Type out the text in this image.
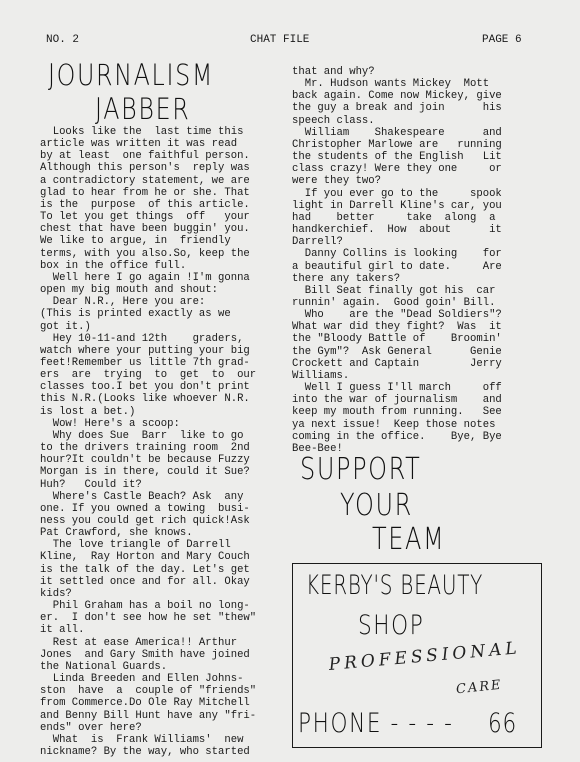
NO. 2	CHAT FILE	PAGE 6
JOURNALISM
JABBER
Looks like the  last time this
article was written it was read
by at least  one faithful person.
Although this person's  reply was
a contradictory statement, we are
glad to hear from he or she. That
is the  purpose  of this article.
To let you get things  off   your
chest that have been buggin' you.
We like to argue, in  friendly
terms, with you also.So, keep the
box in the office full.
Well here I go again !I'm gonna
open my big mouth and shout:
Dear N.R., Here you are:
(This is printed exactly as we
got it.)
Hey 10-11-and 12th    graders,
watch where your putting your big
feet!Remember us little 7th grad-
ers  are  trying  to  get  to  our
classes too.I bet you don't print
this N.R.(Looks like whoever N.R.
is lost a bet.)
Wow! Here's a scoop:
Why does Sue  Barr  like to go
to the drivers training room  2nd
hour?It couldn't be because Fuzzy
Morgan is in there, could it Sue?
Huh?   Could it?
Where's Castle Beach? Ask  any
one. If you owned a towing  busi-
ness you could get rich quick!Ask
Pat Crawford, she knows.
The love triangle of Darrell
Kline,  Ray Horton and Mary Couch
is the talk of the day. Let's get
it settled once and for all. Okay
kids?
Phil Graham has a boil no long-
er.  I don't see how he set "thew"
it all.
Rest at ease America!! Arthur
Jones  and Gary Smith have joined
the National Guards.
Linda Breeden and Ellen Johns-
ston  have  a  couple of "friends"
from Commerce.Do Ole Ray Mitchell
and Benny Bill Hunt have any "fri-
ends" over here?
What  is  Frank Williams'  new
nickname? By the way, who started
that and why?
Mr. Hudson wants Mickey  Mott
back again. Come now Mickey, give
the guy a break and join      his
speech class.
William    Shakespeare      and
Christopher Marlowe are   running
the students of the English   Lit
class crazy! Were they one     or
were they two?
If you ever go to the     spook
light in Darrell Kline's car, you
had    better     take  along  a
handkerchief.  How  about      it
Darrell?
Danny Collins is looking    for
a beautiful girl to date.     Are
there any takers?
Bill Seat finally got his  car
runnin' again.  Good goin' Bill.
Who    are the "Dead Soldiers"?
What war did they fight?  Was  it
the "Bloody Battle of    Broomin'
the Gym"?  Ask General      Genie
Crockett and Captain        Jerry
Williams.
Well I guess I'll march     off
into the war of journalism    and
keep my mouth from running.   See
ya next issue!  Keep those notes
coming in the office.    Bye, Bye
Bee-Bee!
SUPPORT
YOUR
TEAM
KERBY'S BEAUTY
SHOP
PROFESSIONAL
CARE
PHONE - - - - 66
